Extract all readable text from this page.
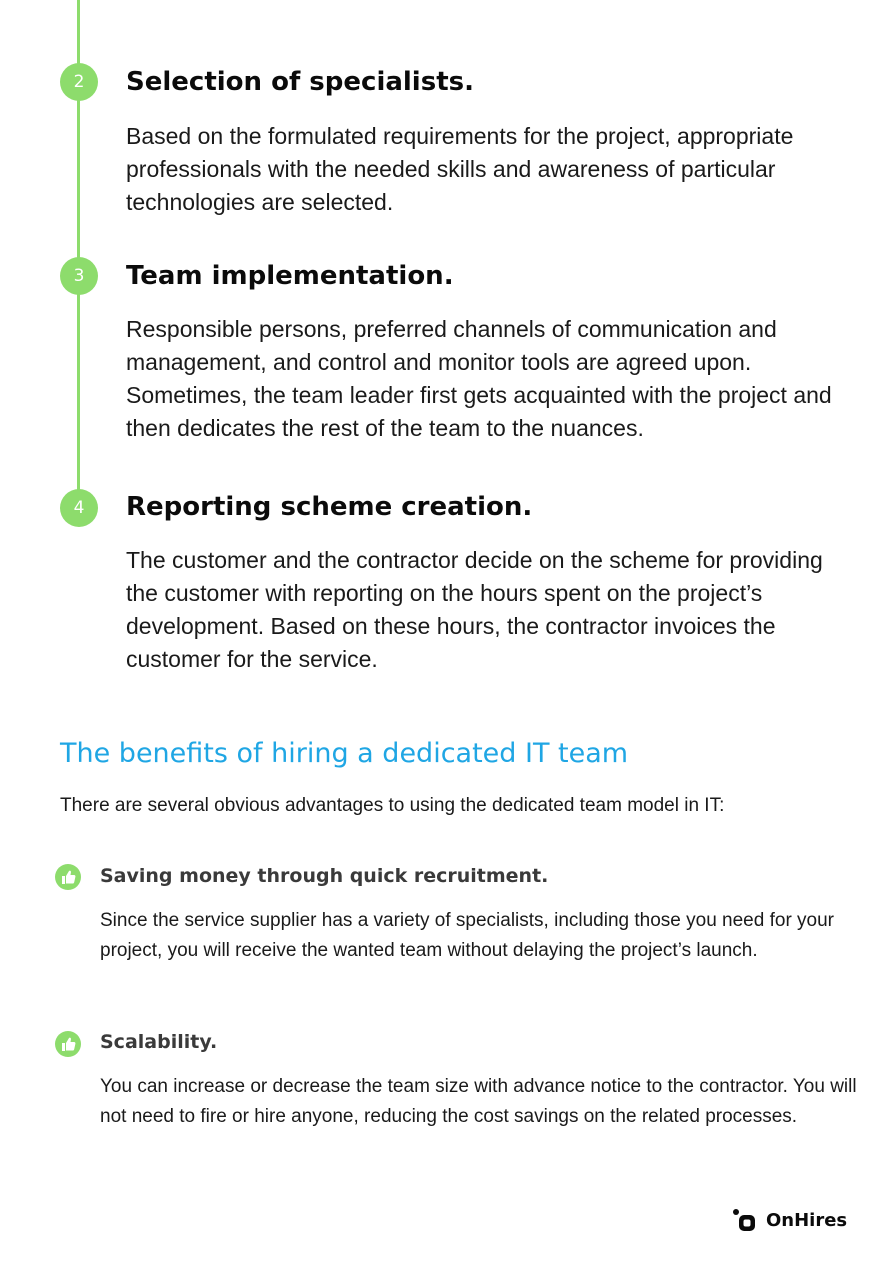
2	Selection of specialists.

Based on the formulated requirements for the project, appropriate professionals with the needed skills and awareness of particular technologies are selected.

3	Team implementation.

Responsible persons, preferred channels of communication and management, and control and monitor tools are agreed upon. Sometimes, the team leader first gets acquainted with the project and then dedicates the rest of the team to the nuances.

4	Reporting scheme creation.

The customer and the contractor decide on the scheme for providing the customer with reporting on the hours spent on the project’s development. Based on these hours, the contractor invoices the customer for the service.

The benefits of hiring a dedicated IT team

There are several obvious advantages to using the dedicated team model in IT:

Saving money through quick recruitment.

Since the service supplier has a variety of specialists, including those you need for your project, you will receive the wanted team without delaying the project’s launch.

Scalability.

You can increase or decrease the team size with advance notice to the contractor. You will not need to fire or hire anyone, reducing the cost savings on the related processes.

OnHires
